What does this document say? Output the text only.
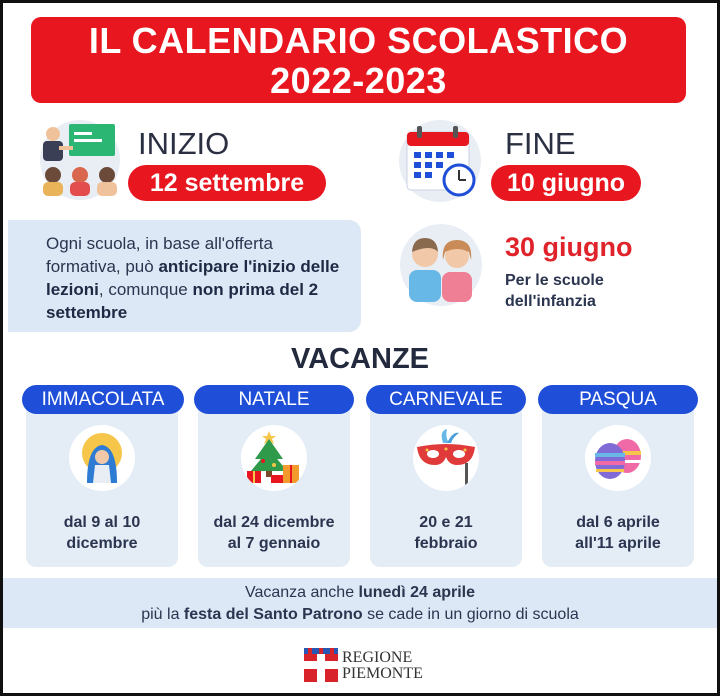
IL CALENDARIO SCOLASTICO
2022-2023
INIZIO
12 settembre
FINE
10 giugno
Ogni scuola, in base all'offerta formativa, può anticipare l'inizio delle lezioni, comunque non prima del 2 settembre
30 giugno
Per le scuole
dell'infanzia
VACANZE
IMMACOLATA
dal 9 al 10
dicembre
NATALE
dal 24 dicembre
al 7 gennaio
CARNEVALE
20 e 21
febbraio
PASQUA
dal 6 aprile
all'11 aprile
Vacanza anche lunedì 24 aprile
più la festa del Santo Patrono se cade in un giorno di scuola
REGIONE
PIEMONTE
